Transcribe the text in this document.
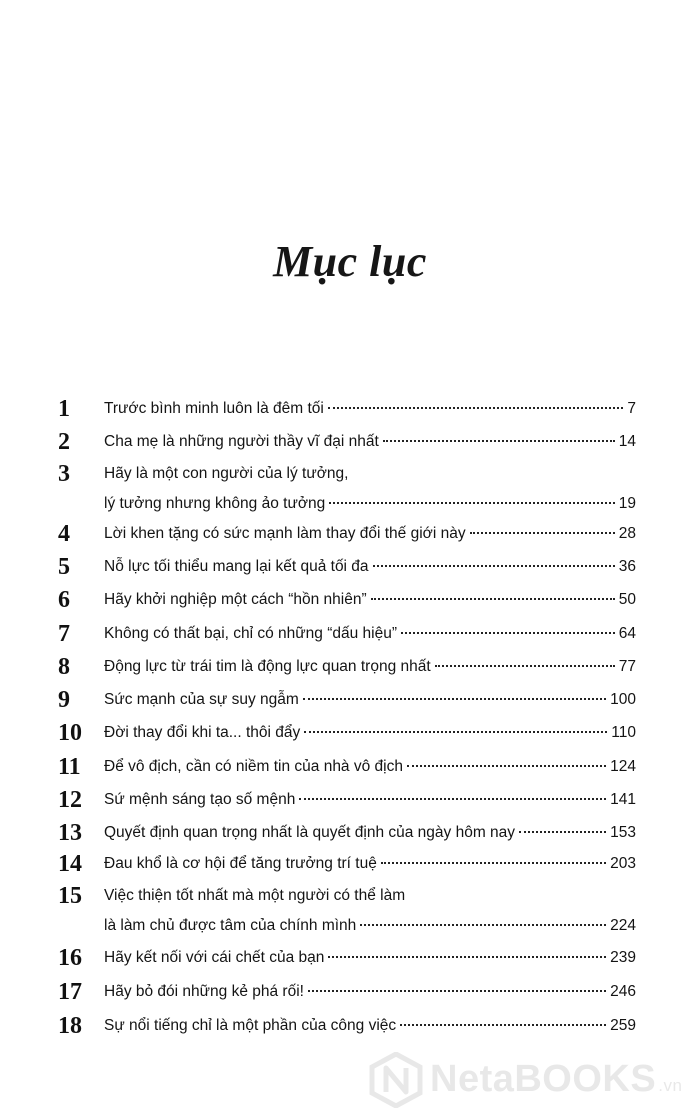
Mục lục
1	Trước bình minh luôn là đêm tối	7
2	Cha mẹ là những người thầy vĩ đại nhất	14
3	Hãy là một con người của lý tưởng,
lý tưởng nhưng không ảo tưởng	19
4	Lời khen tặng có sức mạnh làm thay đổi thế giới này	28
5	Nỗ lực tối thiểu mang lại kết quả tối đa	36
6	Hãy khởi nghiệp một cách “hồn nhiên”	50
7	Không có thất bại, chỉ có những “dấu hiệu”	64
8	Động lực từ trái tim là động lực quan trọng nhất	77
9	Sức mạnh của sự suy ngẫm	100
10	Đời thay đổi khi ta... thôi đẩy	110
11	Để vô địch, cần có niềm tin của nhà vô địch	124
12	Sứ mệnh sáng tạo số mệnh	141
13	Quyết định quan trọng nhất là quyết định của ngày hôm nay	153
14	Đau khổ là cơ hội để tăng trưởng trí tuệ	203
15	Việc thiện tốt nhất mà một người có thể làm
là làm chủ được tâm của chính mình	224
16	Hãy kết nối với cái chết của bạn	239
17	Hãy bỏ đói những kẻ phá rối!	246
18	Sự nổi tiếng chỉ là một phần của công việc	259
NetaBOOKS .vn
